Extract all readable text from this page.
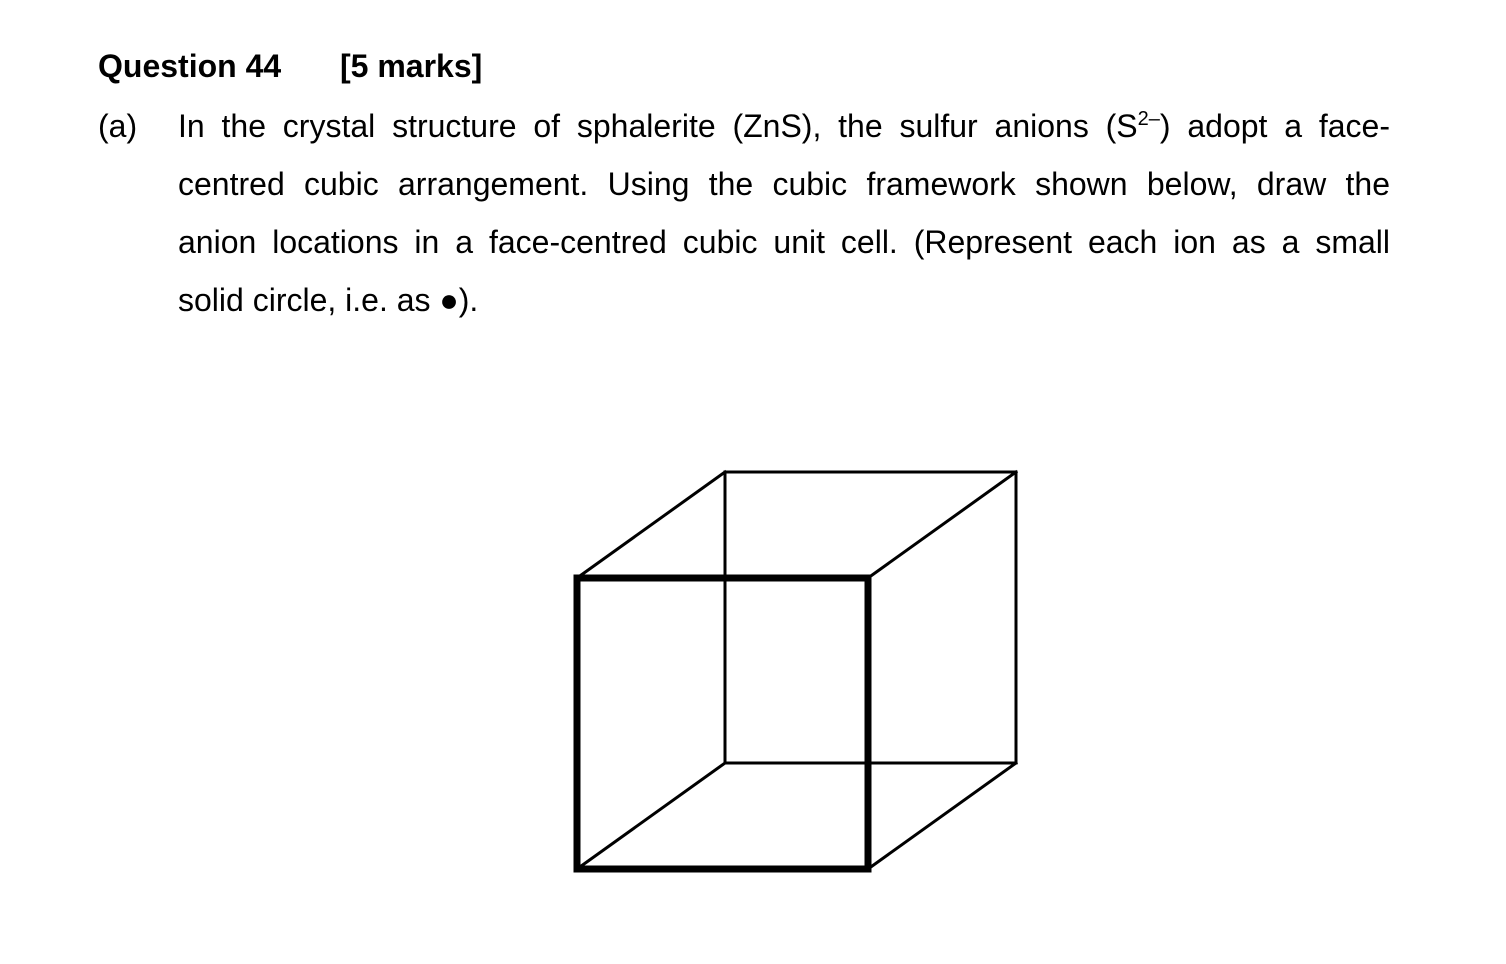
Question 44 [5 marks]
(a) In the crystal structure of sphalerite (ZnS), the sulfur anions $(S^{2-})$ adopt a face-
centred cubic arrangement. Using the cubic framework shown below, draw the
anion locations in a face-centred cubic unit cell. (Represent each ion as a small
solid circle, i.e. as ●).
